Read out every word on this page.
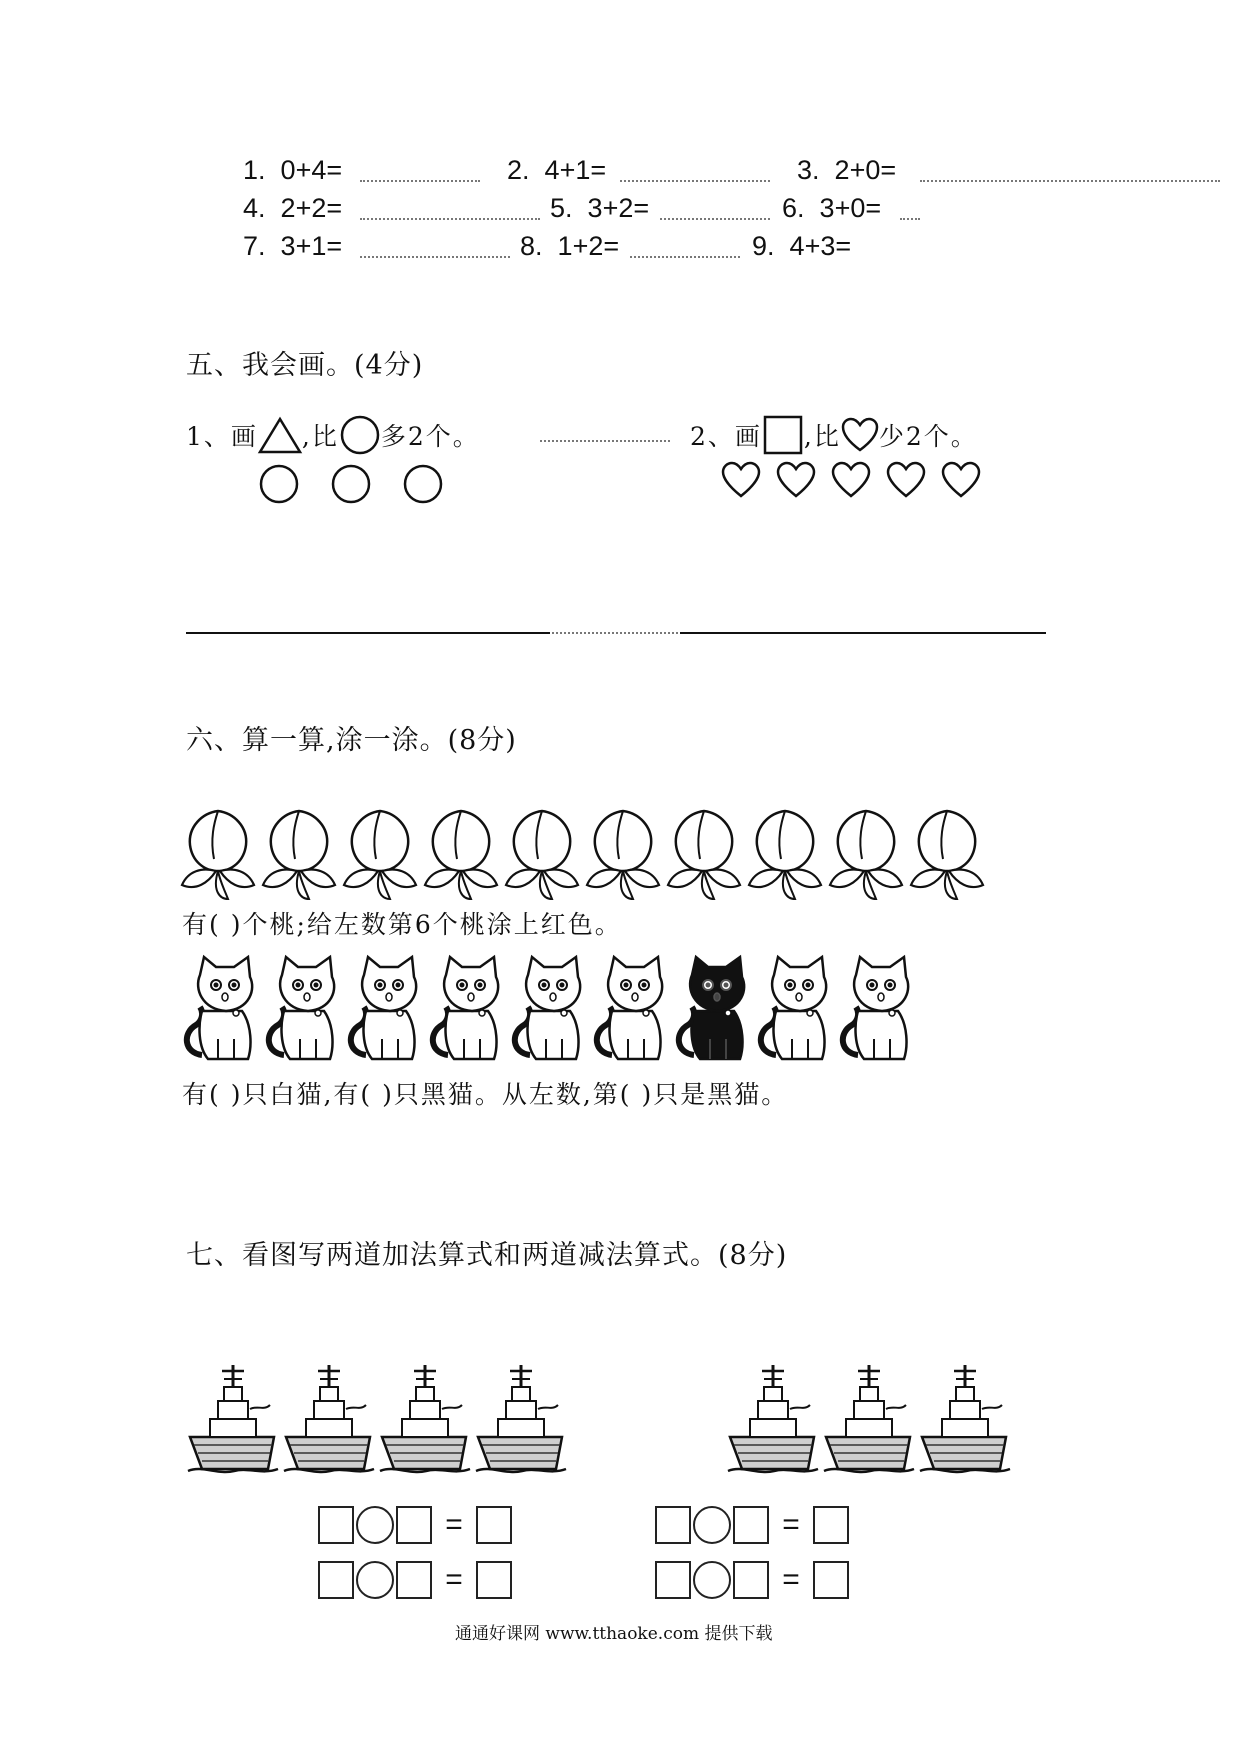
1. 0+4=	2. 4+1=	3. 2+0=
4. 2+2=	5. 3+2=	6. 3+0=
7. 3+1=	8. 1+2=	9. 4+3=
五、我会画。(4分)
1、画 ,比 多2个。	2、画 ,比 少2个。
六、算一算,涂一涂。(8分)
有( )个桃;给左数第6个桃涂上红色。
有( )只白猫,有( )只黑猫。从左数,第( )只是黑猫。
七、看图写两道加法算式和两道减法算式。(8分)
=
=
=
=
通通好课网 www.tthaoke.com 提供下载
